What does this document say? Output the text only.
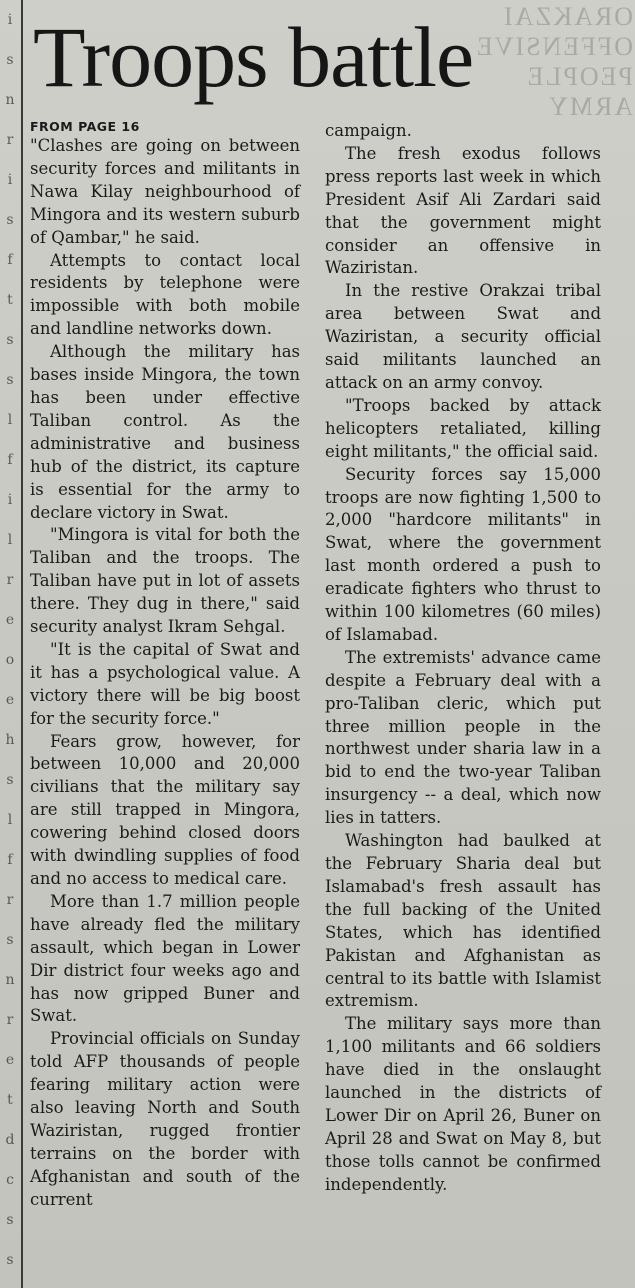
i
s
n
r
i
s
f
t
s
s
l
f
i
l
r
e
o
e
h
s
l
f
r
s
n
r
e
t
d
c
s
s
ORAKZAI
OFFENSIVE
PEOPLE
ARMY
Troops battle
FROM PAGE 16

"Clashes are going on between security forces and militants in Nawa Kilay neighbourhood of Mingora and its western suburb of Qambar," he said.

Attempts to contact local residents by telephone were impossible with both mobile and landline networks down.

Although the military has bases inside Mingora, the town has been under effective Taliban control. As the administrative and business hub of the district, its capture is essential for the army to declare victory in Swat.

"Mingora is vital for both the Taliban and the troops. The Taliban have put in lot of assets there. They dug in there," said security analyst Ikram Sehgal.

"It is the capital of Swat and it has a psychological value. A victory there will be big boost for the security force."

Fears grow, however, for between 10,000 and 20,000 civilians that the military say are still trapped in Mingora, cowering behind closed doors with dwindling supplies of food and no access to medical care.

More than 1.7 million people have already fled the military assault, which began in Lower Dir district four weeks ago and has now gripped Buner and Swat.

Provincial officials on Sunday told AFP thousands of people fearing military action were also leaving North and South Waziristan, rugged frontier terrains on the border with Afghanistan and south of the current

campaign.

The fresh exodus follows press reports last week in which President Asif Ali Zardari said that the government might consider an offensive in Waziristan.

In the restive Orakzai tribal area between Swat and Waziristan, a security official said militants launched an attack on an army convoy.

"Troops backed by attack helicopters retaliated, killing eight militants," the official said.

Security forces say 15,000 troops are now fighting 1,500 to 2,000 "hardcore militants" in Swat, where the government last month ordered a push to eradicate fighters who thrust to within 100 kilometres (60 miles) of Islamabad.

The extremists' advance came despite a February deal with a pro-Taliban cleric, which put three million people in the northwest under sharia law in a bid to end the two-year Taliban insurgency -- a deal, which now lies in tatters.

Washington had baulked at the February Sharia deal but Islamabad's fresh assault has the full backing of the United States, which has identified Pakistan and Afghanistan as central to its battle with Islamist extremism.

The military says more than 1,100 militants and 66 soldiers have died in the onslaught launched in the districts of Lower Dir on April 26, Buner on April 28 and Swat on May 8, but those tolls cannot be confirmed independently.
